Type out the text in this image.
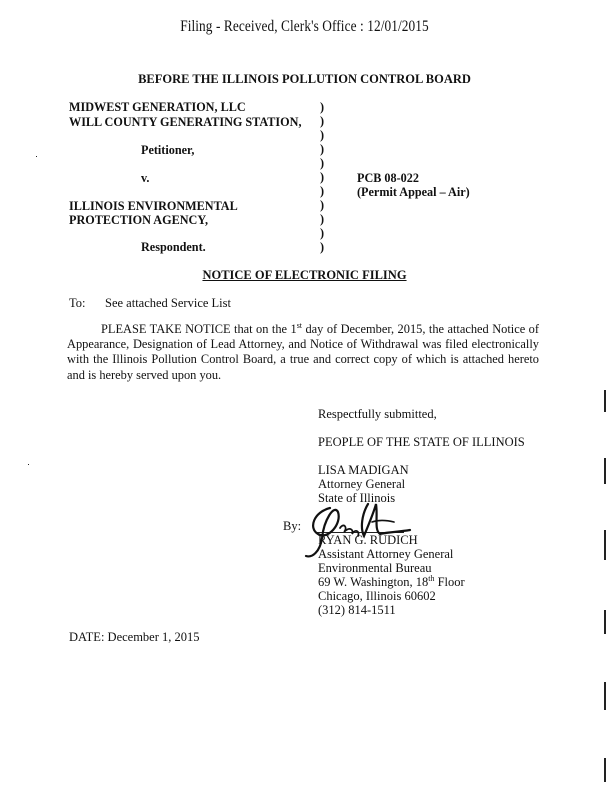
Filing - Received, Clerk's Office : 12/01/2015
BEFORE THE ILLINOIS POLLUTION CONTROL BOARD
MIDWEST GENERATION, LLC
WILL COUNTY GENERATING STATION,
Petitioner,
v.
ILLINOIS ENVIRONMENTAL
PROTECTION AGENCY,
Respondent.
)
)
)
)
)
)
)
)
)
)
)
PCB 08-022
(Permit Appeal – Air)
NOTICE OF ELECTRONIC FILING
To: See attached Service List
PLEASE TAKE NOTICE that on the 1st day of December, 2015, the attached Notice of Appearance, Designation of Lead Attorney, and Notice of Withdrawal was filed electronically with the Illinois Pollution Control Board, a true and correct copy of which is attached hereto and is hereby served upon you.
Respectfully submitted,
PEOPLE OF THE STATE OF ILLINOIS
LISA MADIGAN
Attorney General
State of Illinois
By:
RYAN G. RUDICH
Assistant Attorney General
Environmental Bureau
69 W. Washington, 18th Floor
Chicago, Illinois 60602
(312) 814-1511
DATE: December 1, 2015
